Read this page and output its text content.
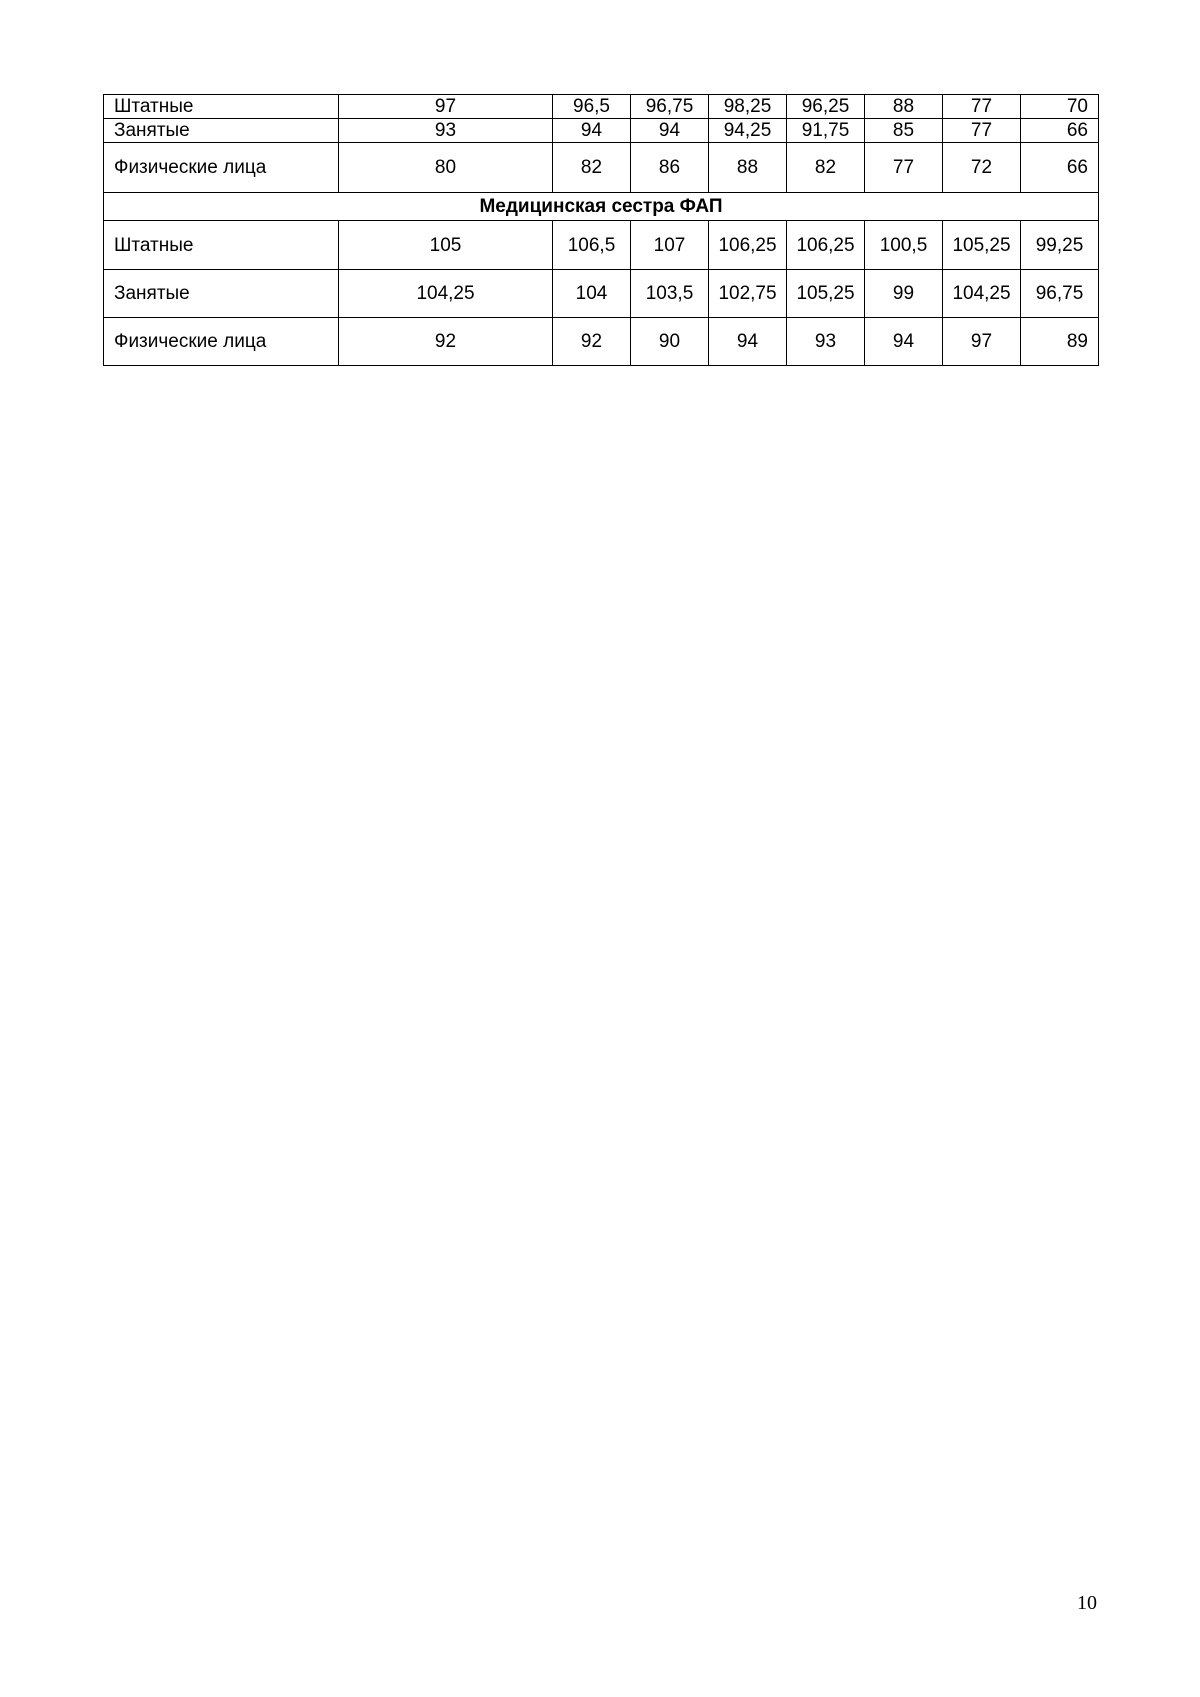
Штатные	97	96,5	96,75	98,25	96,25	88	77	70
Занятые	93	94	94	94,25	91,75	85	77	66
Физические лица	80	82	86	88	82	77	72	66
Медицинская сестра ФАП								
Штатные	105	106,5	107	106,25	106,25	100,5	105,25	99,25
Занятые	104,25	104	103,5	102,75	105,25	99	104,25	96,75
Физические лица	92	92	90	94	93	94	97	89
10
